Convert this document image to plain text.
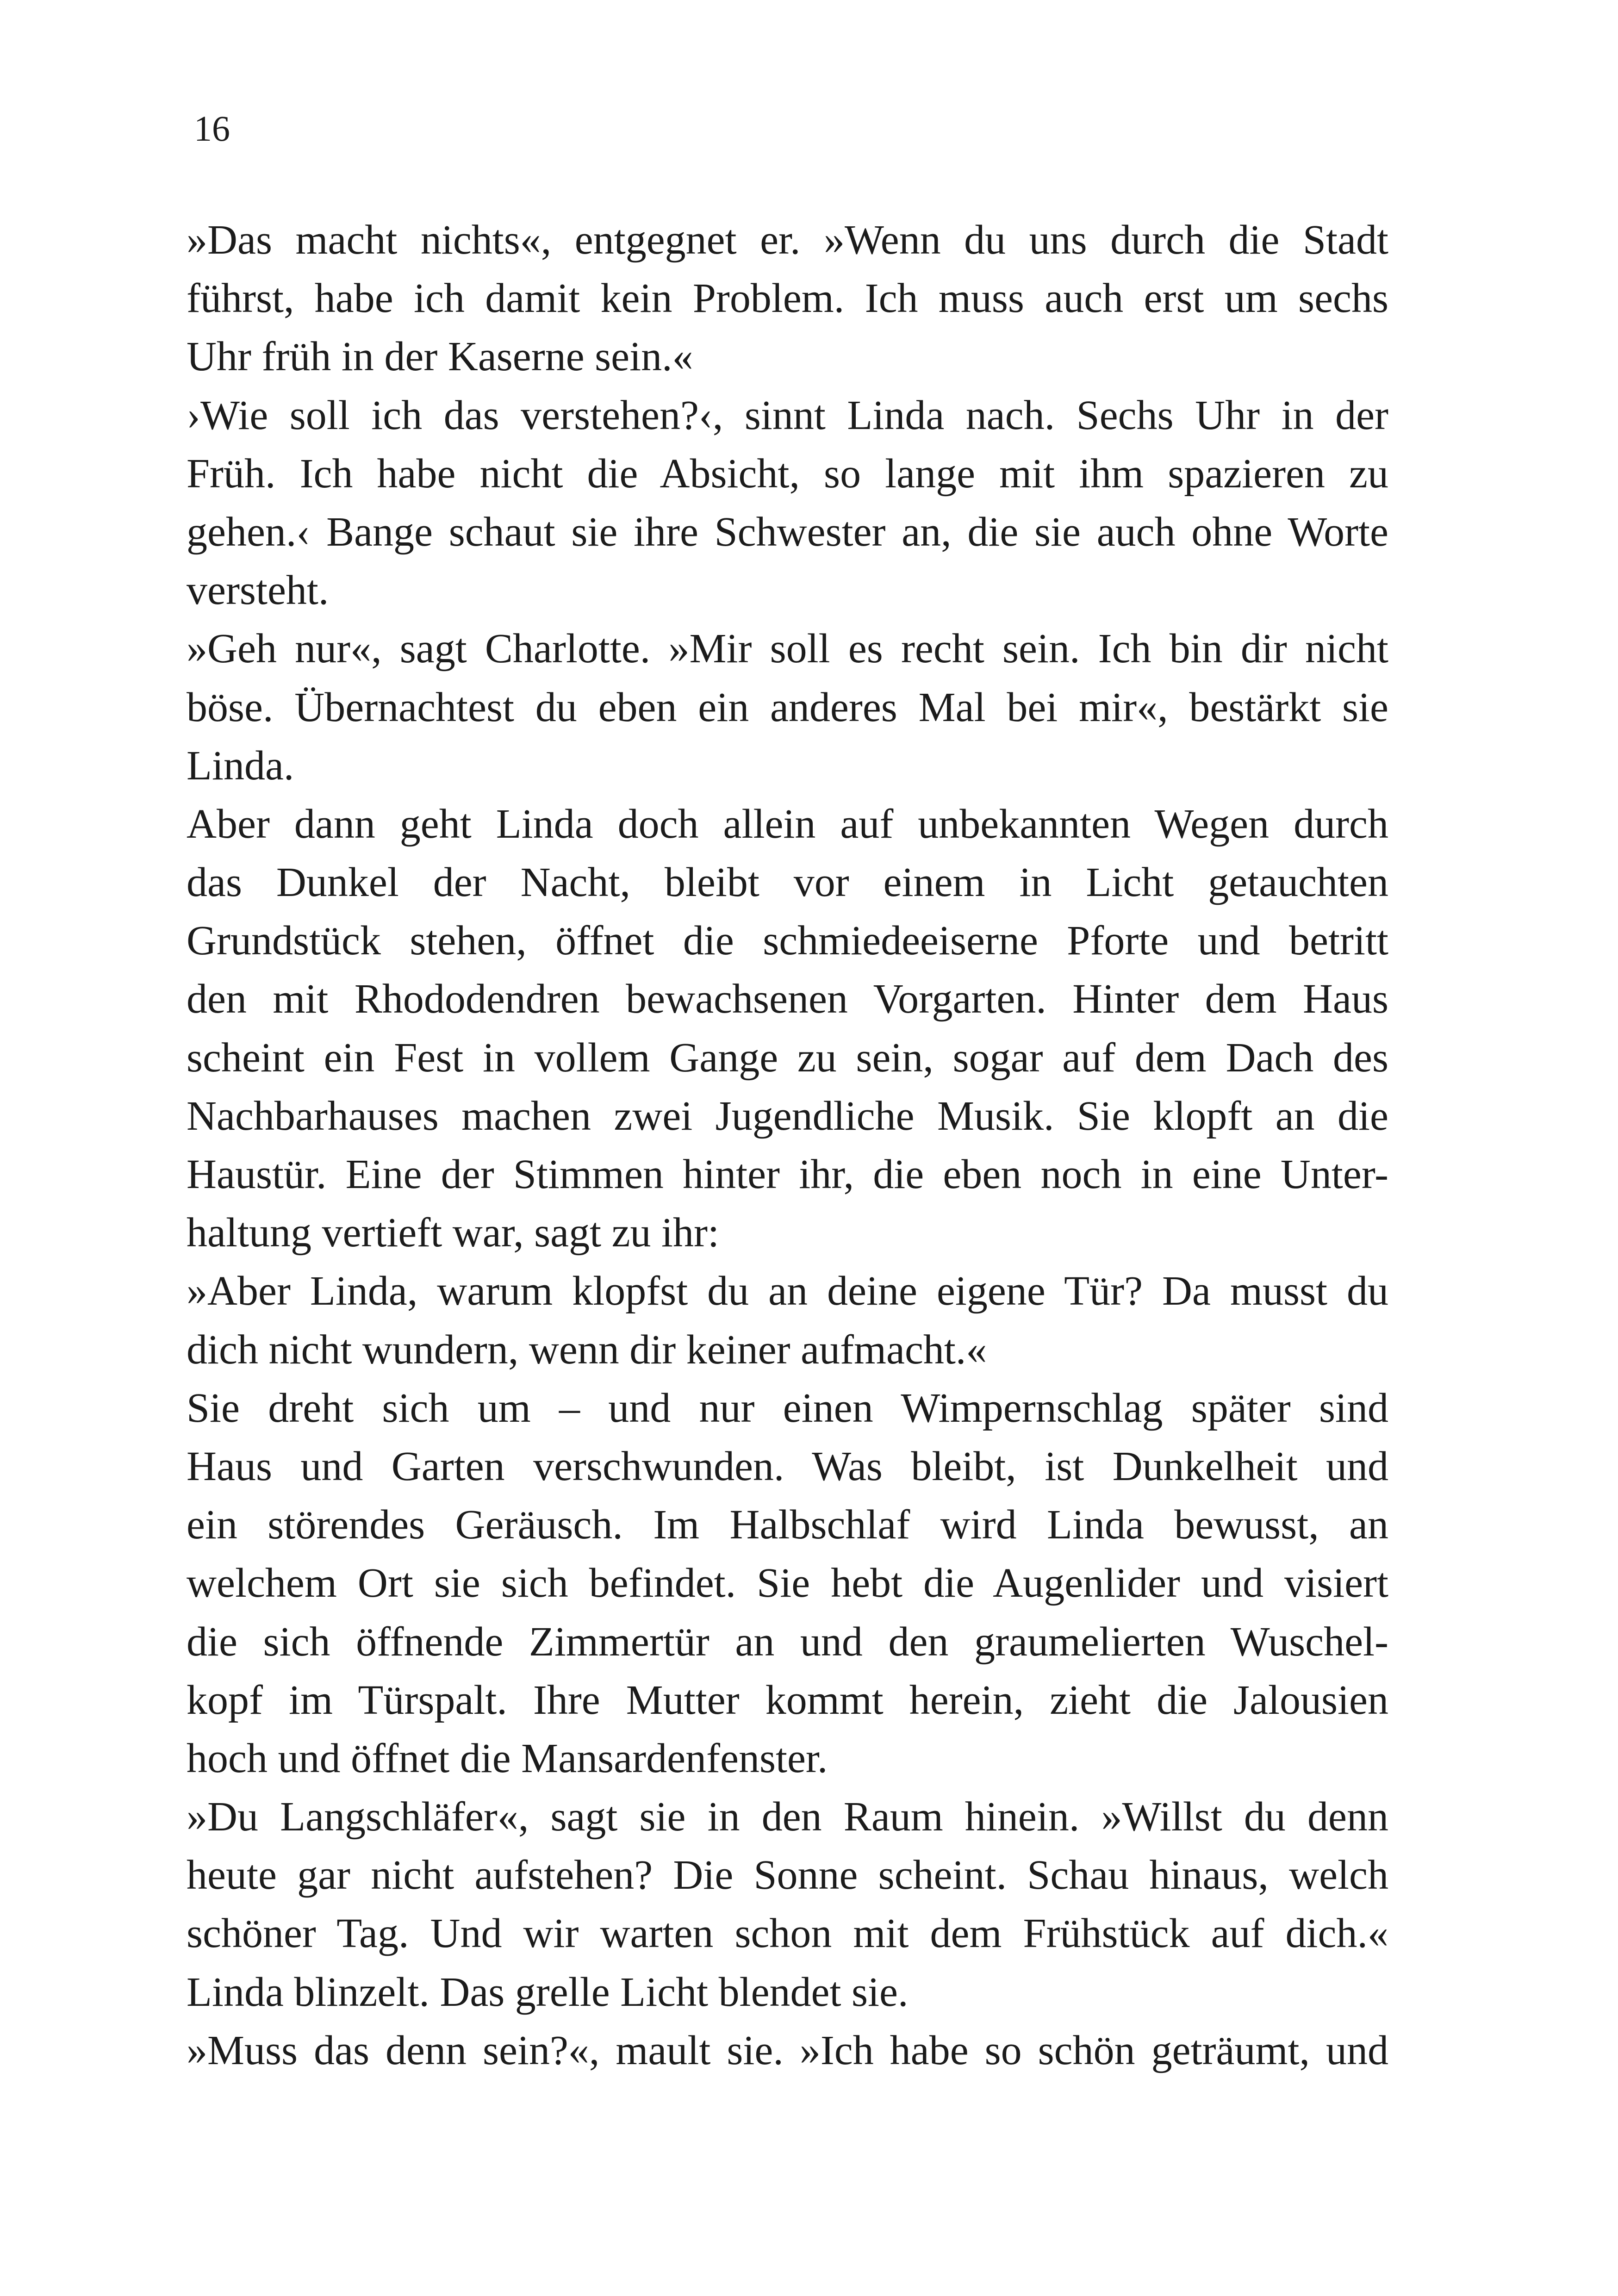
16
»Das macht nichts«, entgegnet er. »Wenn du uns durch die Stadt
führst, habe ich damit kein Problem. Ich muss auch erst um sechs
Uhr früh in der Kaserne sein.«
›Wie soll ich das verstehen?‹, sinnt Linda nach. Sechs Uhr in der
Früh. Ich habe nicht die Absicht, so lange mit ihm spazieren zu
gehen.‹ Bange schaut sie ihre Schwester an, die sie auch ohne Worte
versteht.
»Geh nur«, sagt Charlotte. »Mir soll es recht sein. Ich bin dir nicht
böse. Übernachtest du eben ein anderes Mal bei mir«, bestärkt sie
Linda.
Aber dann geht Linda doch allein auf unbekannten Wegen durch
das Dunkel der Nacht, bleibt vor einem in Licht getauchten
Grundstück stehen, öffnet die schmiedeeiserne Pforte und betritt
den mit Rhododendren bewachsenen Vorgarten. Hinter dem Haus
scheint ein Fest in vollem Gange zu sein, sogar auf dem Dach des
Nachbarhauses machen zwei Jugendliche Musik. Sie klopft an die
Haustür. Eine der Stimmen hinter ihr, die eben noch in eine Unter-
haltung vertieft war, sagt zu ihr:
»Aber Linda, warum klopfst du an deine eigene Tür? Da musst du
dich nicht wundern, wenn dir keiner aufmacht.«
Sie dreht sich um – und nur einen Wimpernschlag später sind
Haus und Garten verschwunden. Was bleibt, ist Dunkelheit und
ein störendes Geräusch. Im Halbschlaf wird Linda bewusst, an
welchem Ort sie sich befindet. Sie hebt die Augenlider und visiert
die sich öffnende Zimmertür an und den graumelierten Wuschel-
kopf im Türspalt. Ihre Mutter kommt herein, zieht die Jalousien
hoch und öffnet die Mansardenfenster.
»Du Langschläfer«, sagt sie in den Raum hinein. »Willst du denn
heute gar nicht aufstehen? Die Sonne scheint. Schau hinaus, welch
schöner Tag. Und wir warten schon mit dem Frühstück auf dich.«
Linda blinzelt. Das grelle Licht blendet sie.
»Muss das denn sein?«, mault sie. »Ich habe so schön geträumt, und
